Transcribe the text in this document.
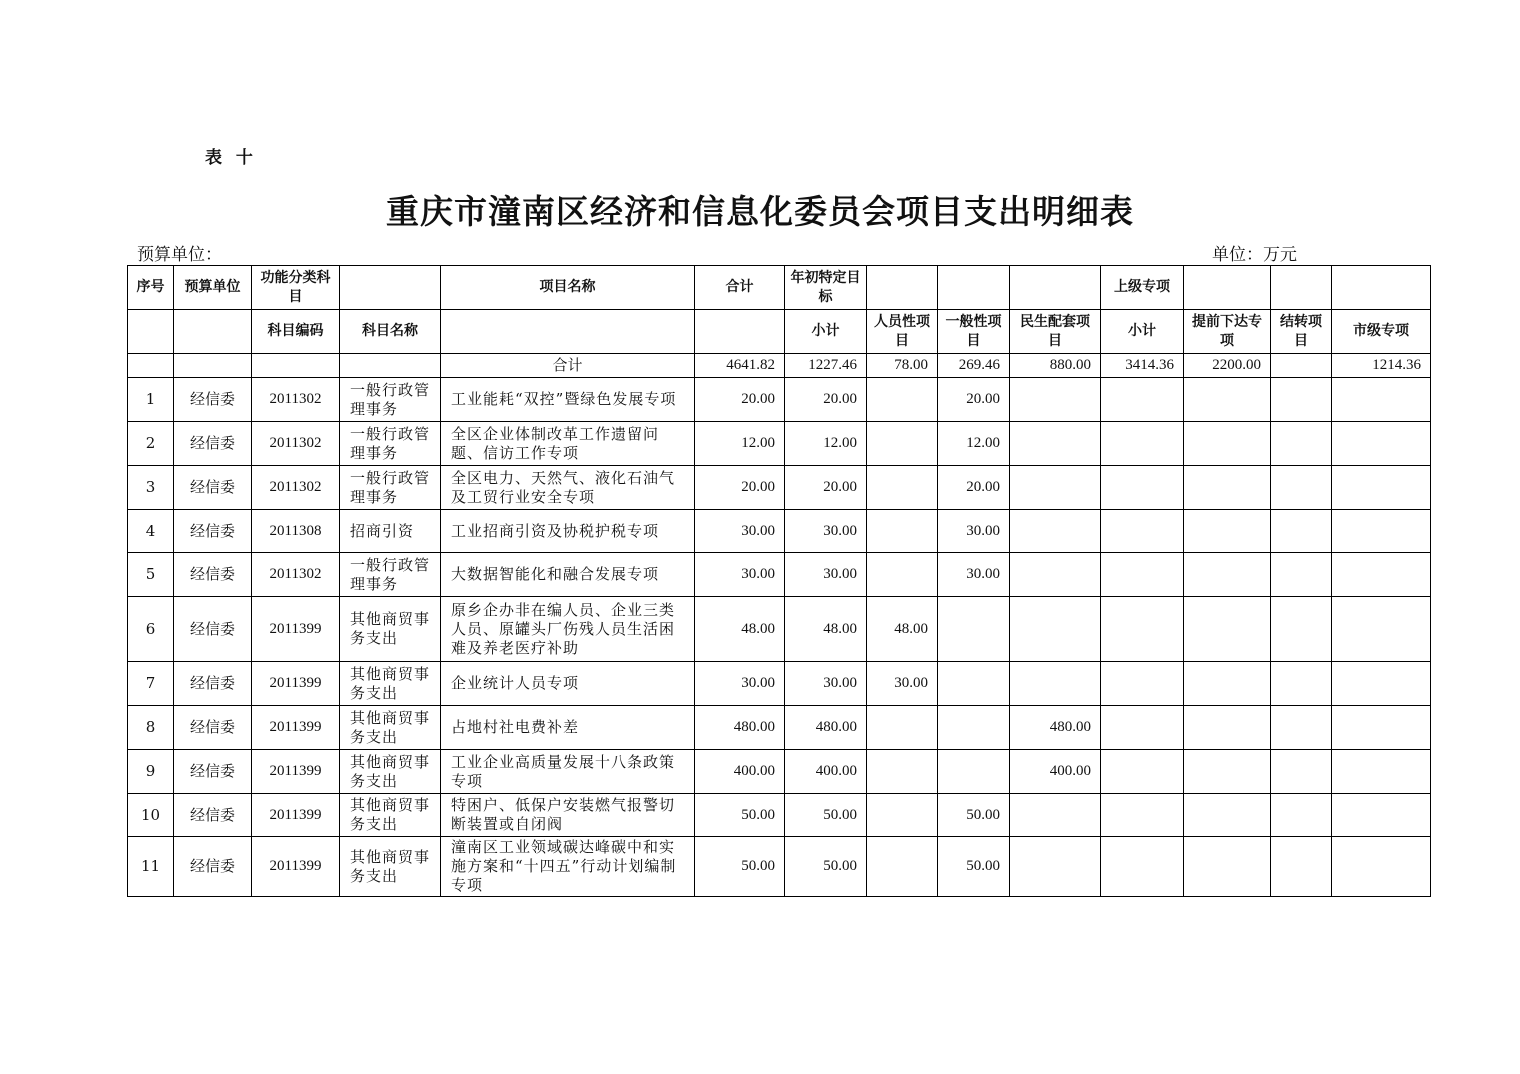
表 十
重庆市潼南区经济和信息化委员会项目支出明细表
预算单位：	单位：万元
序号	预算单位	功能分类科目		项目名称	合计	年初特定目标				上级专项			
		科目编码	科目名称			小计	人员性项目	一般性项目	民生配套项目	小计	提前下达专项	结转项目	市级专项
				合计	4641.82	1227.46	78.00	269.46	880.00	3414.36	2200.00		1214.36
1	经信委	2011302	一般行政管理事务	工业能耗“双控”暨绿色发展专项	20.00	20.00		20.00					
2	经信委	2011302	一般行政管理事务	全区企业体制改革工作遗留问题、信访工作专项	12.00	12.00		12.00					
3	经信委	2011302	一般行政管理事务	全区电力、天然气、液化石油气及工贸行业安全专项	20.00	20.00		20.00					
4	经信委	2011308	招商引资	工业招商引资及协税护税专项	30.00	30.00		30.00					
5	经信委	2011302	一般行政管理事务	大数据智能化和融合发展专项	30.00	30.00		30.00					
6	经信委	2011399	其他商贸事务支出	原乡企办非在编人员、企业三类人员、原罐头厂伤残人员生活困难及养老医疗补助	48.00	48.00	48.00						
7	经信委	2011399	其他商贸事务支出	企业统计人员专项	30.00	30.00	30.00						
8	经信委	2011399	其他商贸事务支出	占地村社电费补差	480.00	480.00			480.00				
9	经信委	2011399	其他商贸事务支出	工业企业高质量发展十八条政策专项	400.00	400.00			400.00				
10	经信委	2011399	其他商贸事务支出	特困户、低保户安装燃气报警切断装置或自闭阀	50.00	50.00		50.00					
11	经信委	2011399	其他商贸事务支出	潼南区工业领域碳达峰碳中和实施方案和“十四五”行动计划编制专项	50.00	50.00		50.00					
